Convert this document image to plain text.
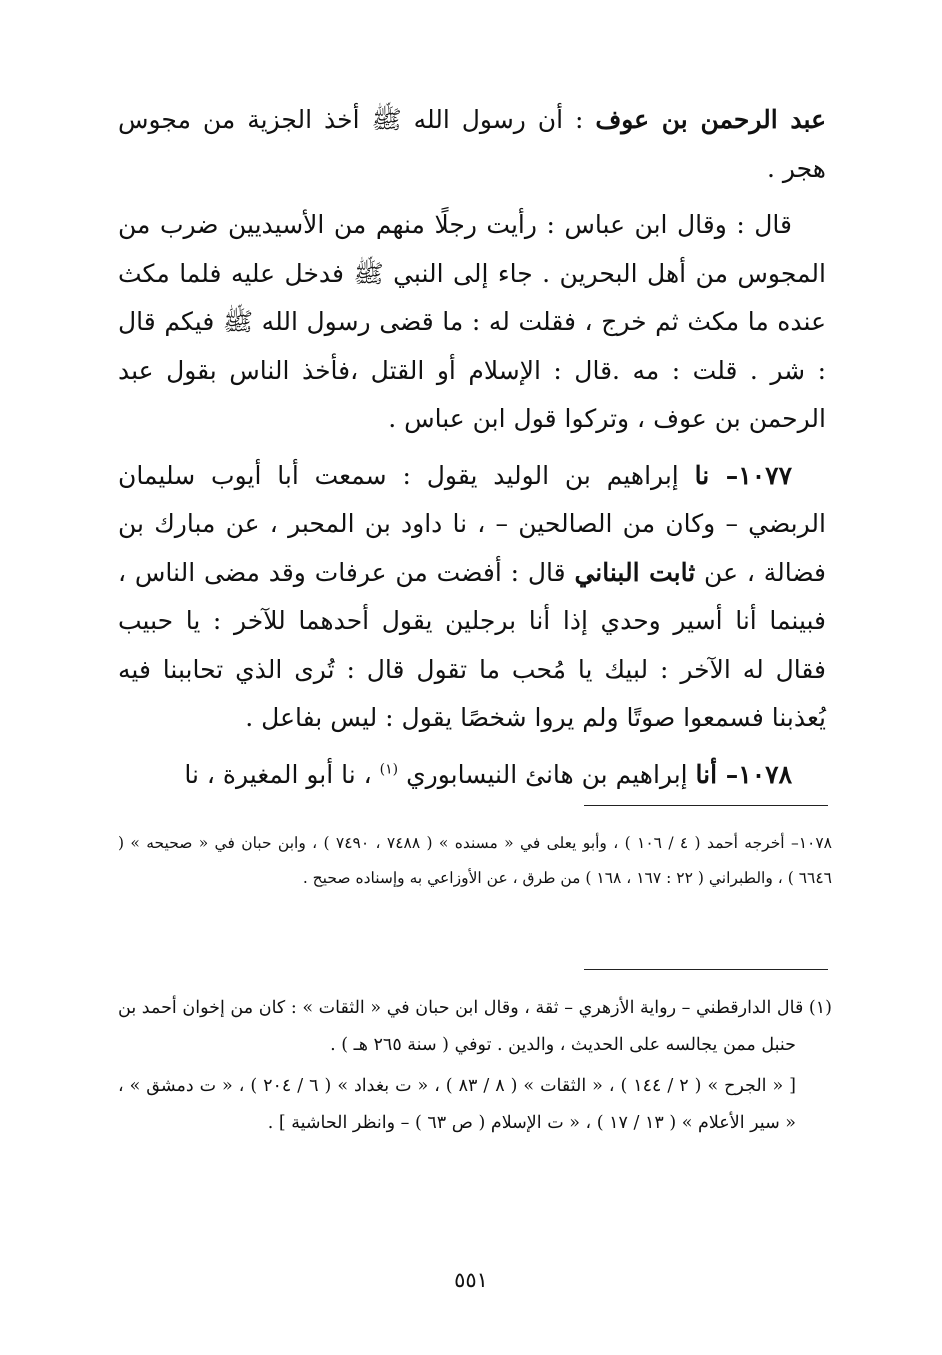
عبد الرحمن بن عوف : أن رسول الله ﷺ أخذ الجزية من مجوس هجر .

قال : وقال ابن عباس : رأيت رجلًا منهم من الأسيديين ضرب من المجوس من أهل البحرين . جاء إلى النبي ﷺ فدخل عليه فلما مكث عنده ما مكث ثم خرج ، فقلت له : ما قضى رسول الله ﷺ فيكم قال : شر . قلت : مه .قال : الإسلام أو القتل ،فأخذ الناس بقول عبد الرحمن بن عوف ، وتركوا قول ابن عباس .

١٠٧٧– نا إبراهيم بن الوليد يقول : سمعت أبا أيوب سليمان الربضي – وكان من الصالحين – ، نا داود بن المحبر ، عن مبارك بن فضالة ، عن ثابت البناني قال : أفضت من عرفات وقد مضى الناس ، فبينما أنا أسير وحدي إذا أنا برجلين يقول أحدهما للآخر : يا حبيب فقال له الآخر : لبيك يا مُحب ما تقول قال : تُرى الذي تحاببنا فيه يُعذبنا فسمعوا صوتًا ولم يروا شخصًا يقول : ليس بفاعل .

١٠٧٨– أنا إبراهيم بن هانئ النيسابوري $^{(١)}$ ، نا أبو المغيرة ، نا

١٠٧٨– أخرجه أحمد ( ٤ / ١٠٦ ) ، وأبو يعلى في « مسنده » ( ٧٤٨٨ ، ٧٤٩٠ ) ، وابن حبان في « صحيحه » ( ٦٦٤٦ ) ، والطبراني ( ٢٢ : ١٦٧ ، ١٦٨ ) من طرق ، عن الأوزاعي به وإسناده صحيح .

(١) قال الدارقطني – رواية الأزهري – ثقة ، وقال ابن حبان في « الثقات » : كان من إخوان أحمد بن حنبل ممن يجالسه على الحديث ، والدين . توفي ( سنة ٢٦٥ هـ ) .

[ « الجرح » ( ٢ / ١٤٤ ) ، « الثقات » ( ٨ / ٨٣ ) ، « ت بغداد » ( ٦ / ٢٠٤ ) ، « ت دمشق » ، « سير الأعلام » ( ١٣ / ١٧ ) ، « ت الإسلام ( ص ٦٣ ) – وانظر الحاشية ] .

٥٥١
